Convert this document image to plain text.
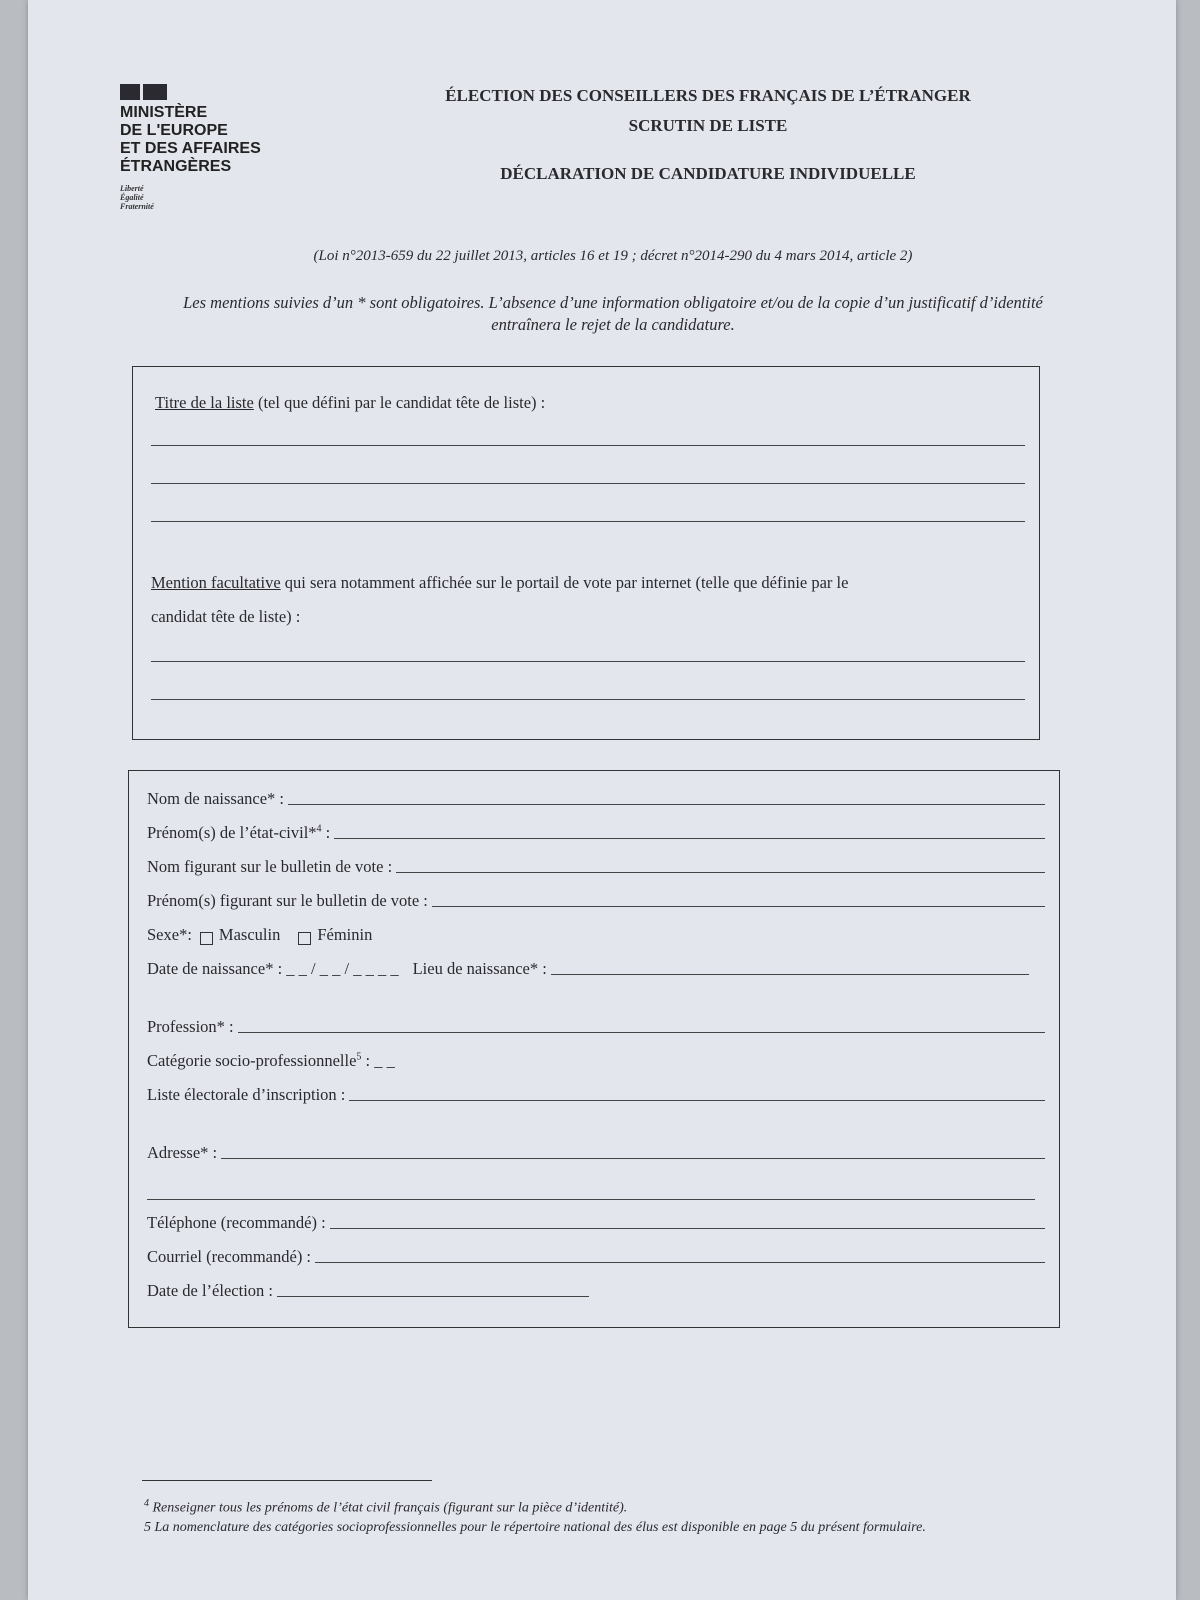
MINISTÈRE
DE L'EUROPE
ET DES AFFAIRES
ÉTRANGÈRES
Liberté
Égalité
Fraternité
ÉLECTION DES CONSEILLERS DES FRANÇAIS DE L’ÉTRANGER
SCRUTIN DE LISTE
DÉCLARATION DE CANDIDATURE INDIVIDUELLE
(Loi n°2013-659 du 22 juillet 2013, articles 16 et 19 ; décret n°2014-290 du 4 mars 2014, article 2)
Les mentions suivies d’un * sont obligatoires. L’absence d’une information obligatoire et/ou de la copie d’un justificatif d’identité entraînera le rejet de la candidature.
Titre de la liste (tel que défini par le candidat tête de liste) :
Mention facultative qui sera notamment affichée sur le portail de vote par internet (telle que définie par le
candidat tête de liste) :
Nom de naissance* :
Prénom(s) de l’état-civil*$^4$ :
Nom figurant sur le bulletin de vote :
Prénom(s) figurant sur le bulletin de vote :
Sexe*: Masculin Féminin
Date de naissance* : _ _ / _ _ / _ _ _ _ Lieu de naissance* :
Profession* :
Catégorie socio-professionnelle$^5$ : _ _
Liste électorale d’inscription :
Adresse* :
Téléphone (recommandé) :
Courriel (recommandé) :
Date de l’élection :
$^4$ Renseigner tous les prénoms de l’état civil français (figurant sur la pièce d’identité).
5 La nomenclature des catégories socioprofessionnelles pour le répertoire national des élus est disponible en page 5 du présent formulaire.
